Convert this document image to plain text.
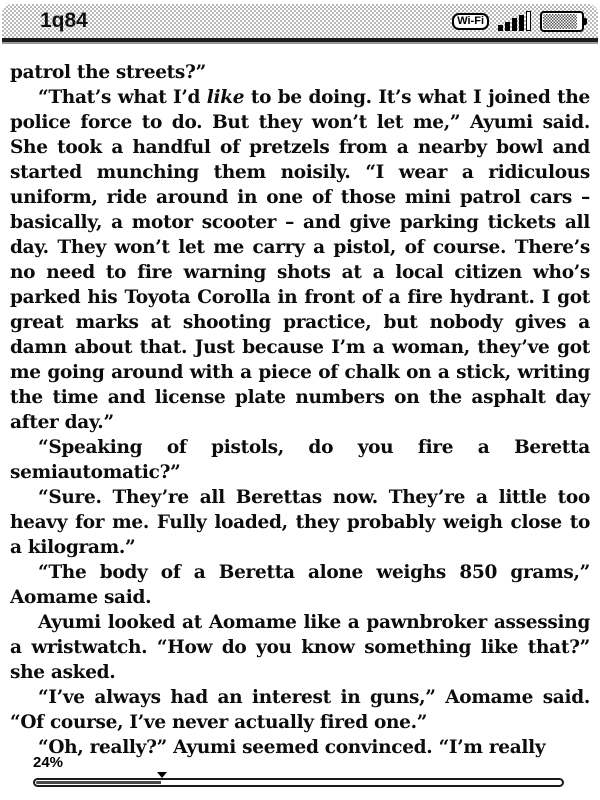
1q84	Wi-Fi

patrol the streets?”

“That’s what I’d like to be doing. It’s what I joined the police force to do. But they won’t let me,” Ayumi said. She took a handful of pretzels from a nearby bowl and started munching them noisily. “I wear a ridiculous uniform, ride around in one of those mini patrol cars – basically, a motor scooter – and give parking tickets all day. They won’t let me carry a pistol, of course. There’s no need to fire warning shots at a local citizen who’s parked his Toyota Corolla in front of a fire hydrant. I got great marks at shooting practice, but nobody gives a damn about that. Just because I’m a woman, they’ve got me going around with a piece of chalk on a stick, writing the time and license plate numbers on the asphalt day after day.”

“Speaking of pistols, do you fire a Beretta semiautomatic?”

“Sure. They’re all Berettas now. They’re a little too heavy for me. Fully loaded, they probably weigh close to a kilogram.”

“The body of a Beretta alone weighs 850 grams,” Aomame said.

Ayumi looked at Aomame like a pawnbroker assessing a wristwatch. “How do you know something like that?” she asked.

“I’ve always had an interest in guns,” Aomame said. “Of course, I’ve never actually fired one.”

“Oh, really?” Ayumi seemed convinced. “I’m really

24%
